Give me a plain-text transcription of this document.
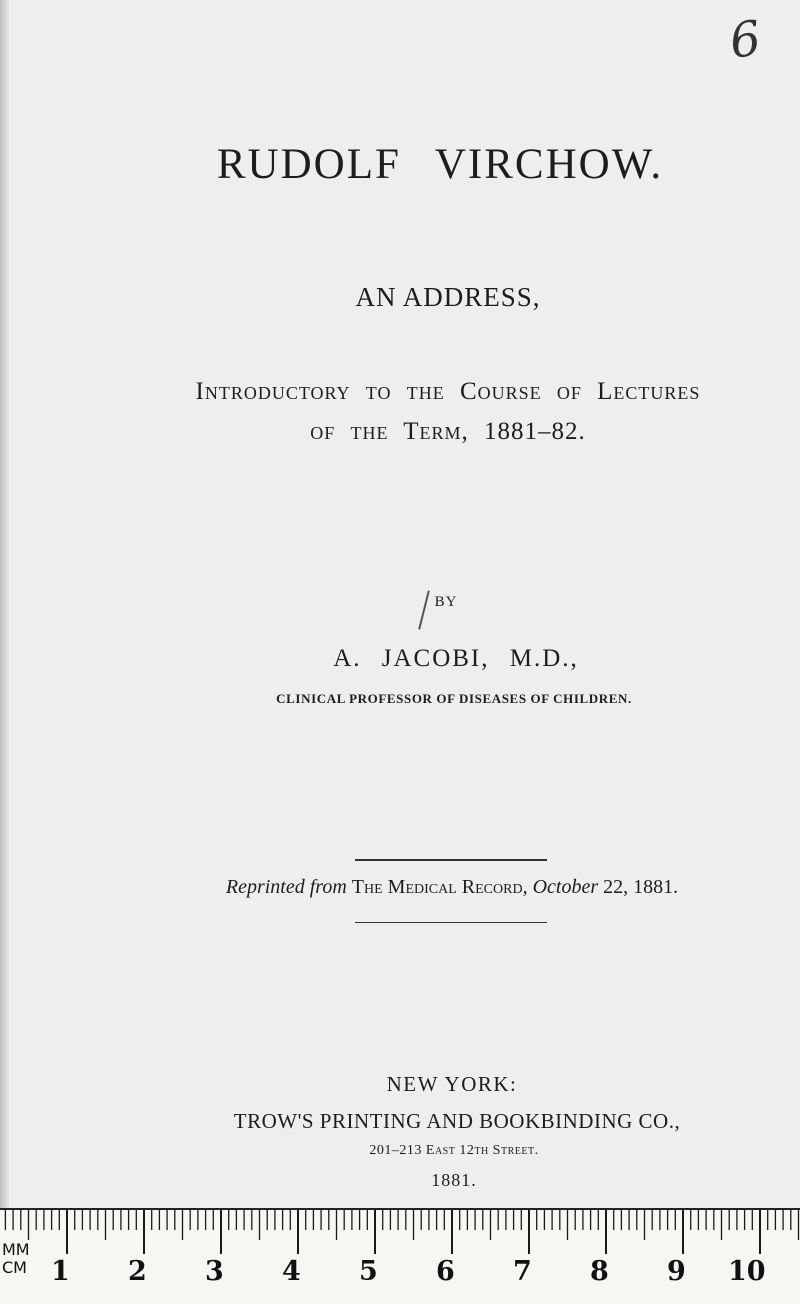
6
RUDOLF VIRCHOW.
AN ADDRESS,
Introductory to the Course of Lectures
of the Term, 1881–82.
BY
A. JACOBI, M.D.,
CLINICAL PROFESSOR OF DISEASES OF CHILDREN.
Reprinted from The Medical Record, October 22, 1881.
NEW YORK:
TROW'S PRINTING AND BOOKBINDING CO.,
201–213 East 12th Street.
1881.
MM
CM 1 2 3 4 5 6 7 8 9 10
